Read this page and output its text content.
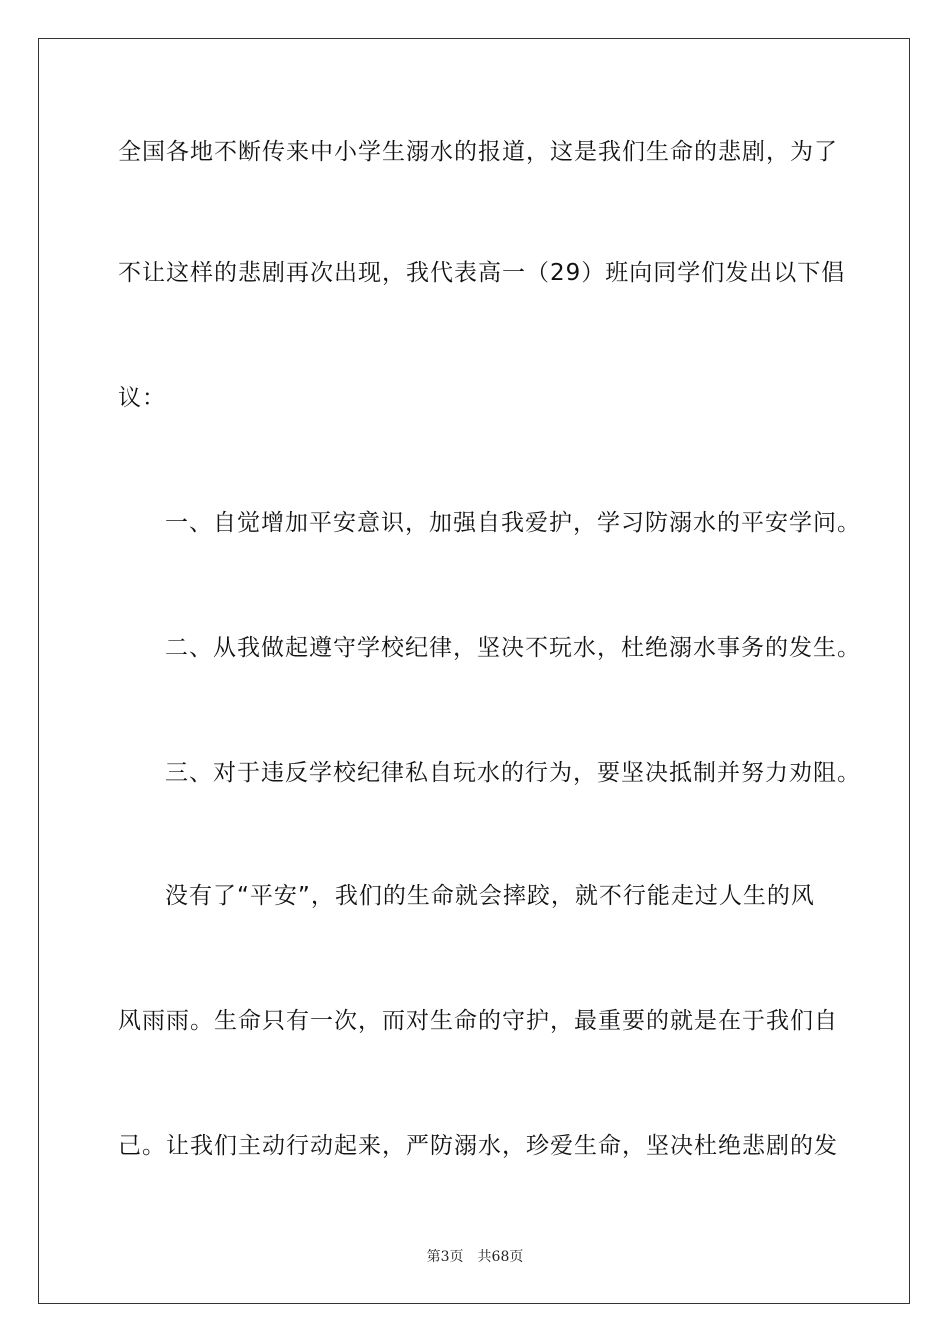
全国各地不断传来中小学生溺水的报道，这是我们生命的悲剧，为了
不让这样的悲剧再次出现，我代表高一（29）班向同学们发出以下倡
议：
一、自觉增加平安意识，加强自我爱护，学习防溺水的平安学问。
二、从我做起遵守学校纪律，坚决不玩水，杜绝溺水事务的发生。
三、对于违反学校纪律私自玩水的行为，要坚决抵制并努力劝阻。
没有了“平安”，我们的生命就会摔跤，就不行能走过人生的风
风雨雨。生命只有一次，而对生命的守护，最重要的就是在于我们自
己。让我们主动行动起来，严防溺水，珍爱生命，坚决杜绝悲剧的发
第3页 共68页
